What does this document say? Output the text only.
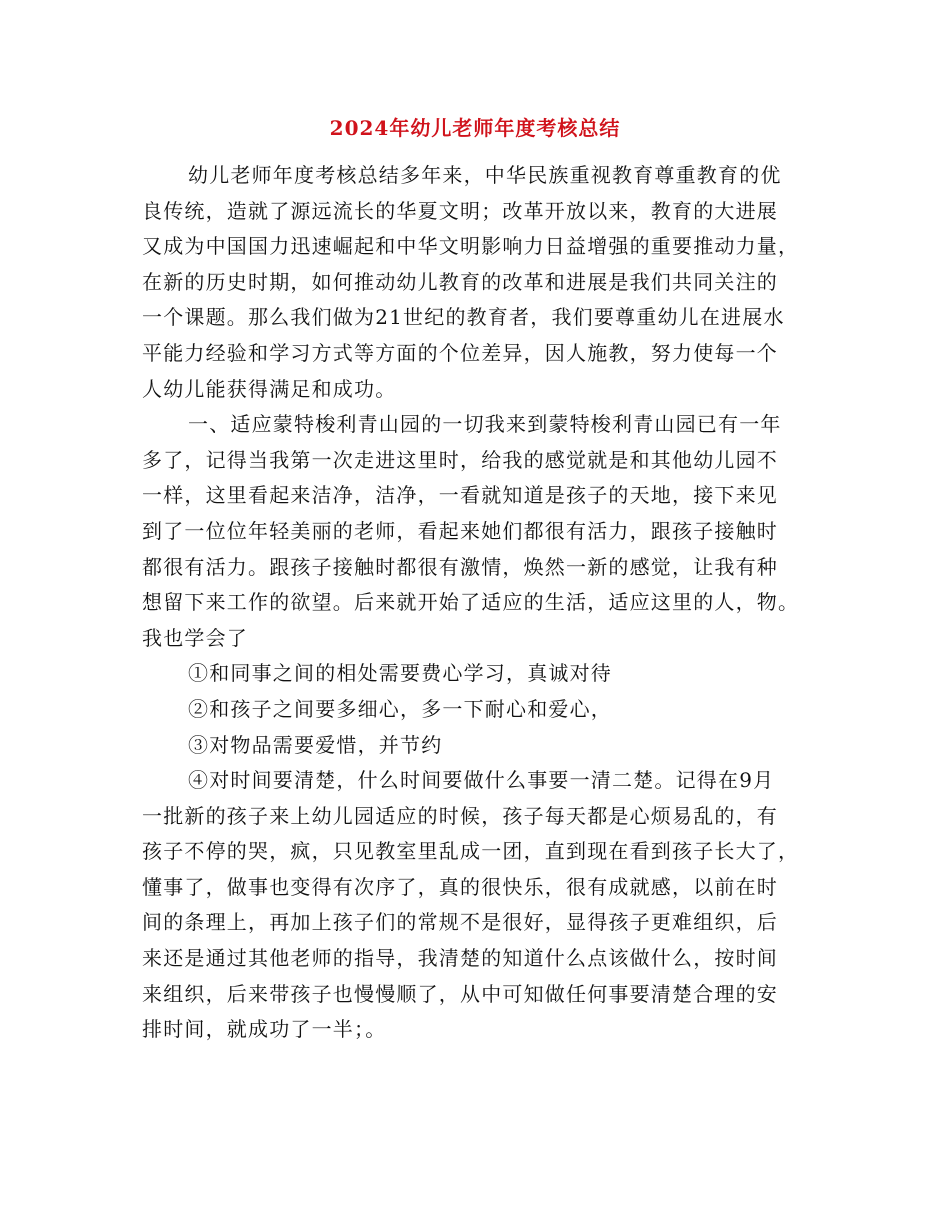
2024年幼儿老师年度考核总结
幼儿老师年度考核总结多年来，中华民族重视教育尊重教育的优
良传统，造就了源远流长的华夏文明；改革开放以来，教育的大进展
又成为中国国力迅速崛起和中华文明影响力日益增强的重要推动力量，
在新的历史时期，如何推动幼儿教育的改革和进展是我们共同关注的
一个课题。那么我们做为21世纪的教育者，我们要尊重幼儿在进展水
平能力经验和学习方式等方面的个位差异，因人施教，努力使每一个
人幼儿能获得满足和成功。
一、适应蒙特梭利青山园的一切我来到蒙特梭利青山园已有一年
多了，记得当我第一次走进这里时，给我的感觉就是和其他幼儿园不
一样，这里看起来洁净，洁净，一看就知道是孩子的天地，接下来见
到了一位位年轻美丽的老师，看起来她们都很有活力，跟孩子接触时
都很有活力。跟孩子接触时都很有激情，焕然一新的感觉，让我有种
想留下来工作的欲望。后来就开始了适应的生活，适应这里的人，物。
我也学会了
①和同事之间的相处需要费心学习，真诚对待
②和孩子之间要多细心，多一下耐心和爱心，
③对物品需要爱惜，并节约
④对时间要清楚，什么时间要做什么事要一清二楚。记得在9月
一批新的孩子来上幼儿园适应的时候，孩子每天都是心烦易乱的，有
孩子不停的哭，疯，只见教室里乱成一团，直到现在看到孩子长大了，
懂事了，做事也变得有次序了，真的很快乐，很有成就感，以前在时
间的条理上，再加上孩子们的常规不是很好，显得孩子更难组织，后
来还是通过其他老师的指导，我清楚的知道什么点该做什么，按时间
来组织，后来带孩子也慢慢顺了，从中可知做任何事要清楚合理的安
排时间，就成功了一半；。
